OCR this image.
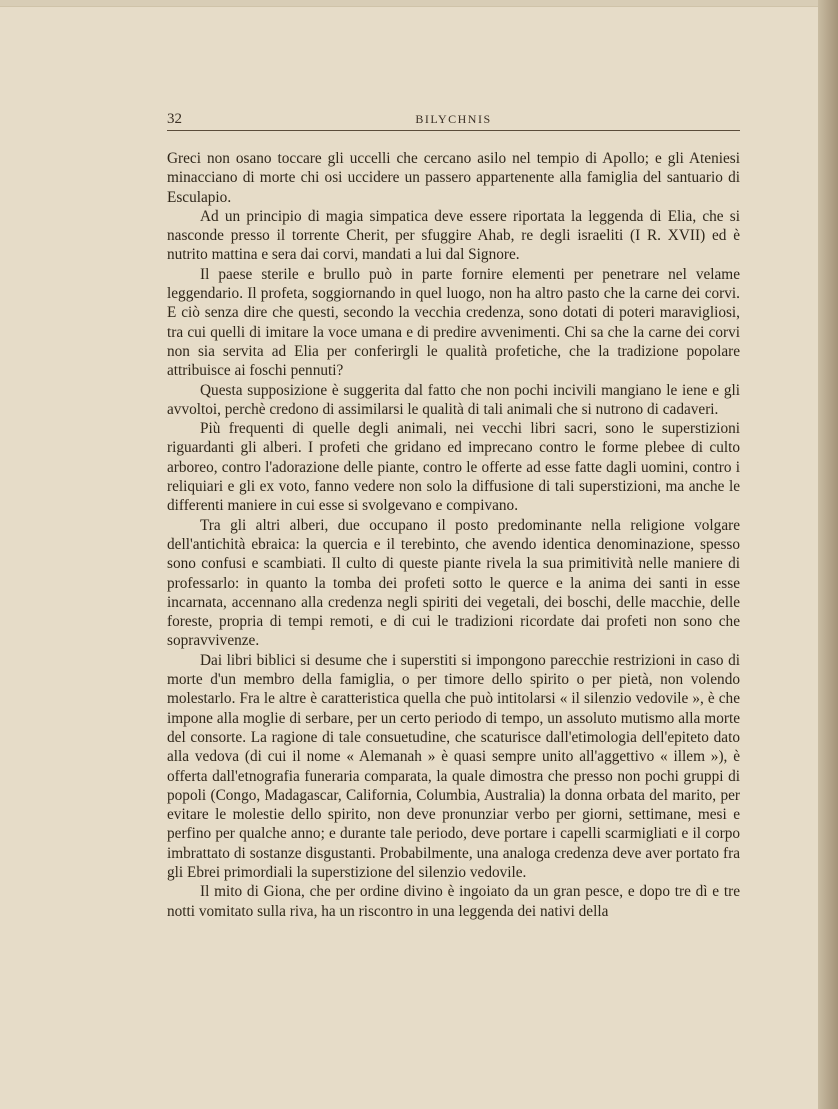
32	BILYCHNIS

Greci non osano toccare gli uccelli che cercano asilo nel tempio di Apollo; e gli Ateniesi minacciano di morte chi osi uccidere un passero appartenente alla famiglia del santuario di Esculapio.

Ad un principio di magia simpatica deve essere riportata la leggenda di Elia, che si nasconde presso il torrente Cherit, per sfuggire Ahab, re degli israeliti (I R. XVII) ed è nutrito mattina e sera dai corvi, mandati a lui dal Signore.

Il paese sterile e brullo può in parte fornire elementi per penetrare nel velame leggendario. Il profeta, soggiornando in quel luogo, non ha altro pasto che la carne dei corvi. E ciò senza dire che questi, secondo la vecchia credenza, sono dotati di poteri maravigliosi, tra cui quelli di imitare la voce umana e di predire avvenimenti. Chi sa che la carne dei corvi non sia servita ad Elia per conferirgli le qualità profetiche, che la tradizione popolare attribuisce ai foschi pennuti?

Questa supposizione è suggerita dal fatto che non pochi incivili mangiano le iene e gli avvoltoi, perchè credono di assimilarsi le qualità di tali animali che si nutrono di cadaveri.

Più frequenti di quelle degli animali, nei vecchi libri sacri, sono le superstizioni riguardanti gli alberi. I profeti che gridano ed imprecano contro le forme plebee di culto arboreo, contro l'adorazione delle piante, contro le offerte ad esse fatte dagli uomini, contro i reliquiari e gli ex voto, fanno vedere non solo la diffusione di tali superstizioni, ma anche le differenti maniere in cui esse si svolgevano e compivano.

Tra gli altri alberi, due occupano il posto predominante nella religione volgare dell'antichità ebraica: la quercia e il terebinto, che avendo identica denominazione, spesso sono confusi e scambiati. Il culto di queste piante rivela la sua primitività nelle maniere di professarlo: in quanto la tomba dei profeti sotto le querce e la anima dei santi in esse incarnata, accennano alla credenza negli spiriti dei vegetali, dei boschi, delle macchie, delle foreste, propria di tempi remoti, e di cui le tradizioni ricordate dai profeti non sono che sopravvivenze.

Dai libri biblici si desume che i superstiti si impongono parecchie restrizioni in caso di morte d'un membro della famiglia, o per timore dello spirito o per pietà, non volendo molestarlo. Fra le altre è caratteristica quella che può intitolarsi « il silenzio vedovile », è che impone alla moglie di serbare, per un certo periodo di tempo, un assoluto mutismo alla morte del consorte. La ragione di tale consuetudine, che scaturisce dall'etimologia dell'epiteto dato alla vedova (di cui il nome « Alemanah » è quasi sempre unito all'aggettivo « illem »), è offerta dall'etnografia funeraria comparata, la quale dimostra che presso non pochi gruppi di popoli (Congo, Madagascar, California, Columbia, Australia) la donna orbata del marito, per evitare le molestie dello spirito, non deve pronunziar verbo per giorni, settimane, mesi e perfino per qualche anno; e durante tale periodo, deve portare i capelli scarmigliati e il corpo imbrattato di sostanze disgustanti. Probabilmente, una analoga credenza deve aver portato fra gli Ebrei primordiali la superstizione del silenzio vedovile.

Il mito di Giona, che per ordine divino è ingoiato da un gran pesce, e dopo tre dì e tre notti vomitato sulla riva, ha un riscontro in una leggenda dei nativi della
